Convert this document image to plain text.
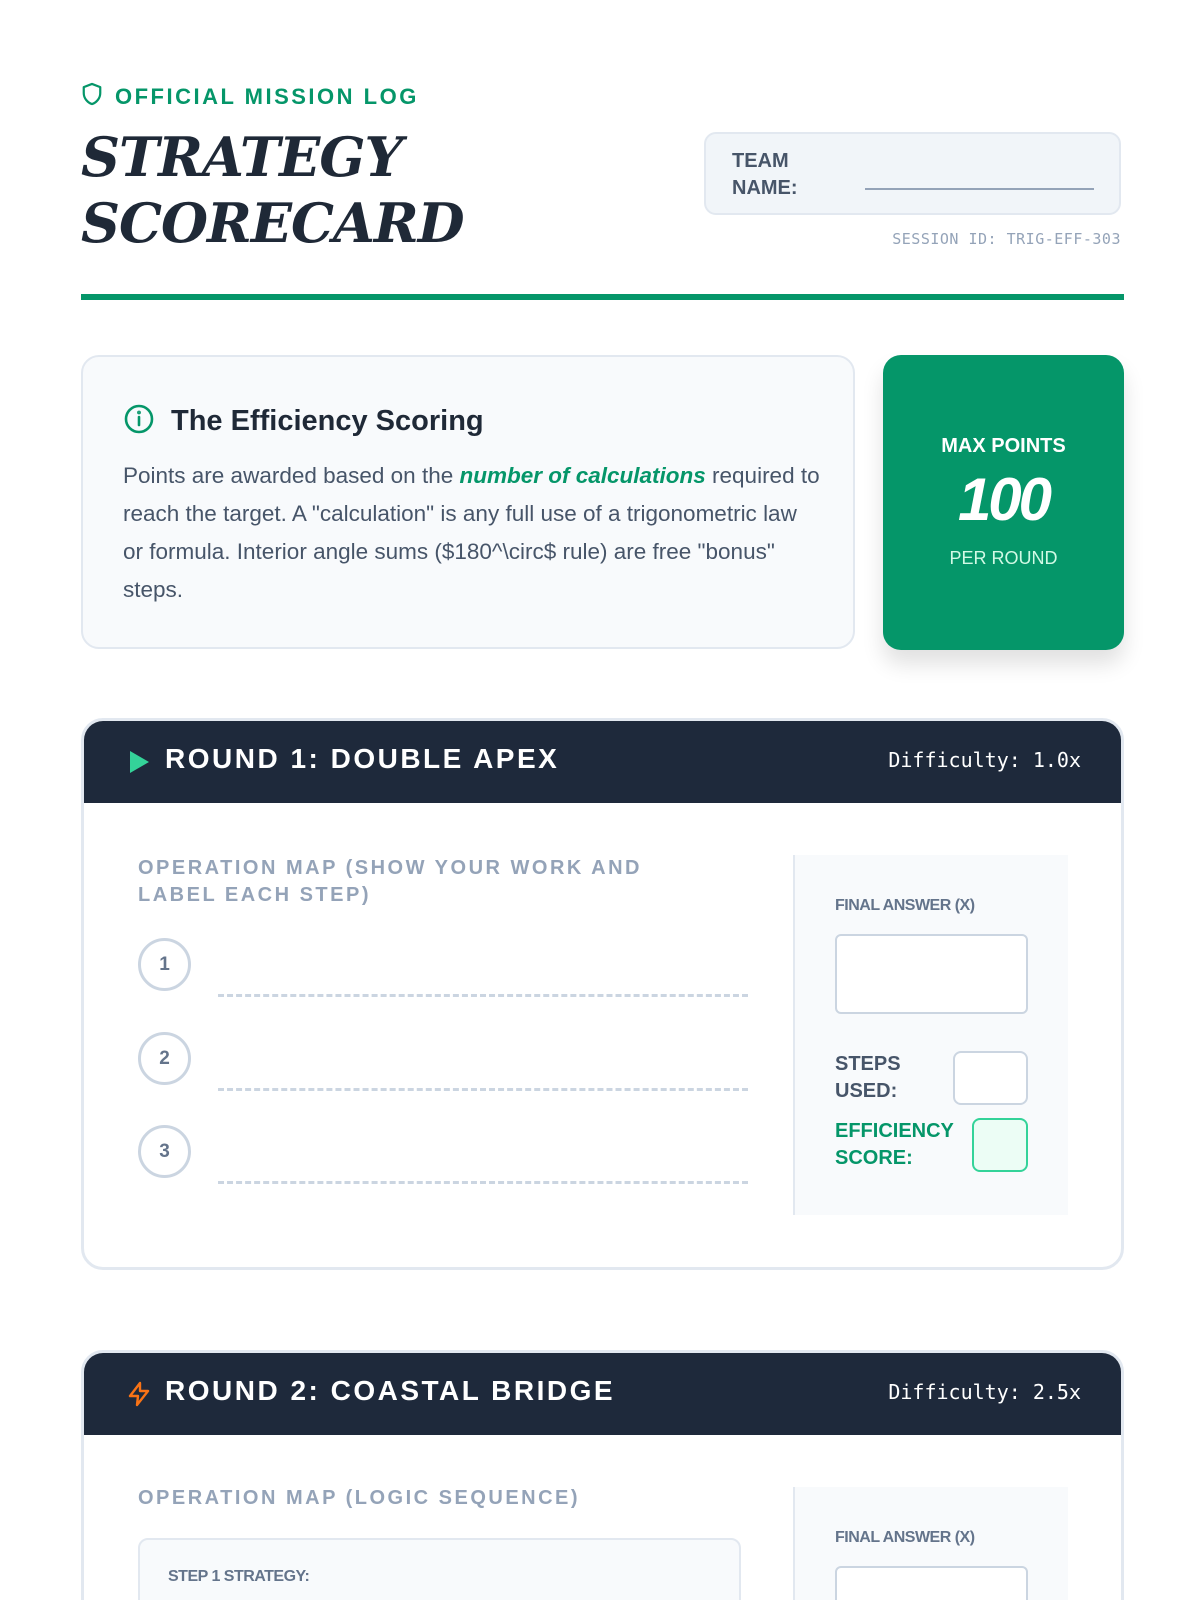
OFFICIAL MISSION LOG
STRATEGY
SCORECARD
TEAM NAME:
SESSION ID: TRIG-EFF-303
The Efficiency Scoring
Points are awarded based on the number of calculations required to reach the target. A "calculation" is any full use of a trigonometric law or formula. Interior angle sums ($180^\circ$ rule) are free "bonus" steps.
MAX POINTS
100
PER ROUND
ROUND 1: DOUBLE APEX	Difficulty: 1.0x
OPERATION MAP (SHOW YOUR WORK AND LABEL EACH STEP)
1
2
3
FINAL ANSWER (X)
STEPS USED:
EFFICIENCY SCORE:
ROUND 2: COASTAL BRIDGE	Difficulty: 2.5x
OPERATION MAP (LOGIC SEQUENCE)
STEP 1 STRATEGY:
FINAL ANSWER (X)
